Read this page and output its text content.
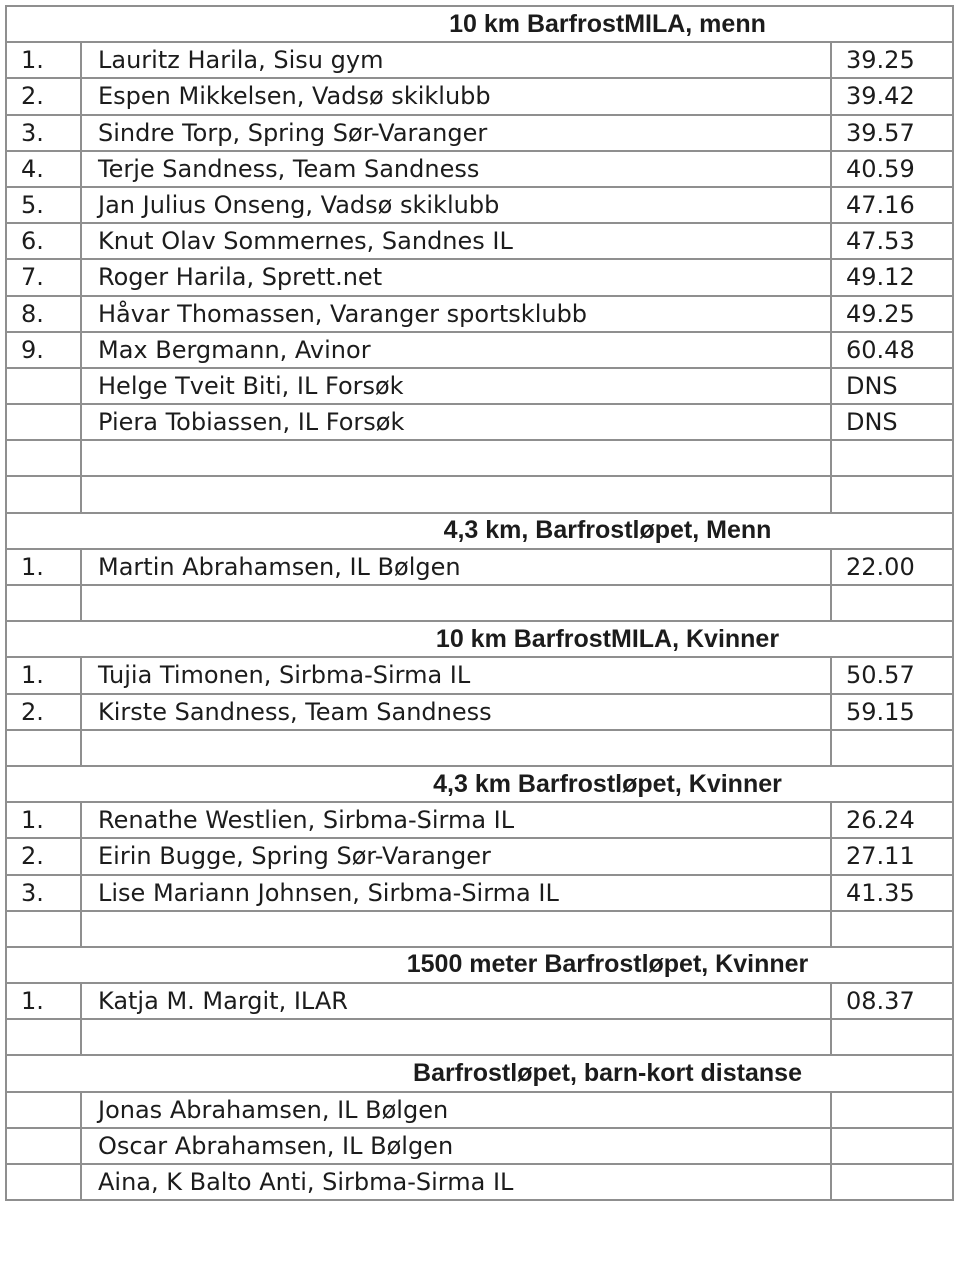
10 km BarfrostMILA, menn		
1.	Lauritz Harila, Sisu gym	39.25
2.	Espen Mikkelsen, Vadsø skiklubb	39.42
3.	Sindre Torp, Spring Sør-Varanger	39.57
4.	Terje Sandness, Team Sandness	40.59
5.	Jan Julius Onseng, Vadsø skiklubb	47.16
6.	Knut Olav Sommernes, Sandnes IL	47.53
7.	Roger Harila, Sprett.net	49.12
8.	Håvar Thomassen, Varanger sportsklubb	49.25
9.	Max Bergmann, Avinor	60.48
	Helge Tveit Biti, IL Forsøk	DNS
	Piera Tobiassen, IL Forsøk	DNS

4,3 km, Barfrostløpet, Menn		
1.	Martin Abrahamsen, IL Bølgen	22.00

10 km BarfrostMILA, Kvinner		
1.	Tujia Timonen, Sirbma-Sirma IL	50.57
2.	Kirste Sandness, Team Sandness	59.15

4,3 km Barfrostløpet, Kvinner		
1.	Renathe Westlien, Sirbma-Sirma IL	26.24
2.	Eirin Bugge, Spring Sør-Varanger	27.11
3.	Lise Mariann Johnsen, Sirbma-Sirma IL	41.35

1500 meter Barfrostløpet, Kvinner		
1.	Katja M. Margit, ILAR	08.37

Barfrostløpet, barn-kort distanse		
	Jonas Abrahamsen, IL Bølgen	
	Oscar Abrahamsen, IL Bølgen	
	Aina, K Balto Anti, Sirbma-Sirma IL	
